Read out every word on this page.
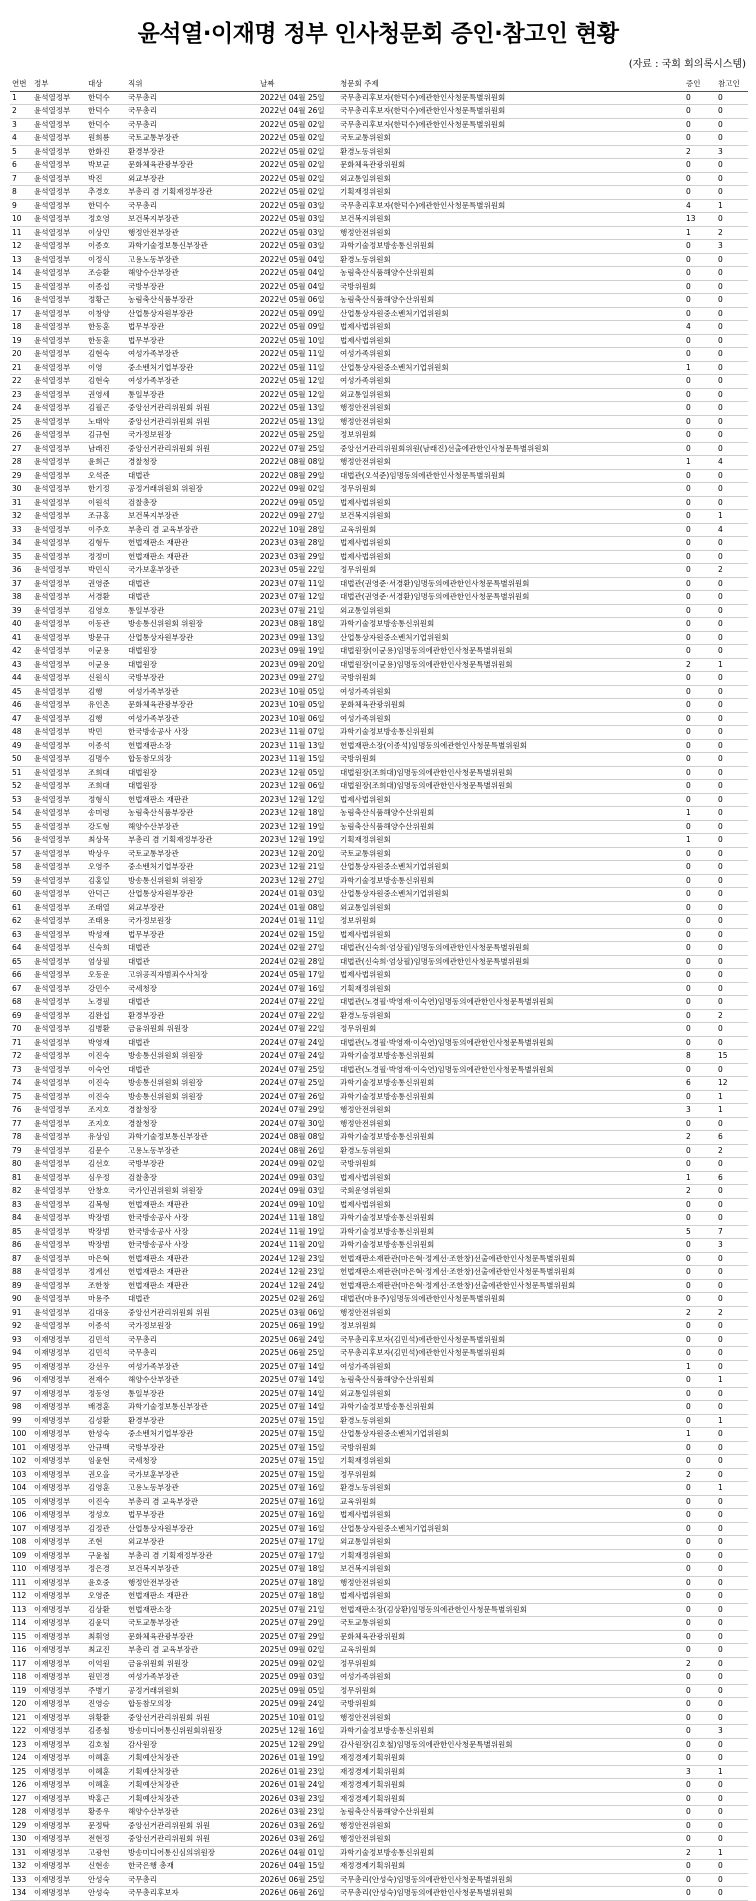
윤석열·이재명 정부 인사청문회 증인·참고인 현황
(자료 : 국회 회의록시스템)
연번	정부	대상	직위	날짜	청문회 주제	증인	참고인
1	윤석열정부	한덕수	국무총리	2022년 04월 25일	국무총리후보자(한덕수)에관한인사청문특별위원회	0	0
2	윤석열정부	한덕수	국무총리	2022년 04월 26일	국무총리후보자(한덕수)에관한인사청문특별위원회	0	0
3	윤석열정부	한덕수	국무총리	2022년 05월 02일	국무총리후보자(한덕수)에관한인사청문특별위원회	0	0
4	윤석열정부	원희룡	국토교통부장관	2022년 05월 02일	국토교통위원회	0	0
5	윤석열정부	한화진	환경부장관	2022년 05월 02일	환경노동위원회	2	3
6	윤석열정부	박보균	문화체육관광부장관	2022년 05월 02일	문화체육관광위원회	0	0
7	윤석열정부	박진	외교부장관	2022년 05월 02일	외교통일위원회	0	0
8	윤석열정부	추경호	부총리 겸 기획재정부장관	2022년 05월 02일	기획재정위원회	0	0
9	윤석열정부	한덕수	국무총리	2022년 05월 03일	국무총리후보자(한덕수)에관한인사청문특별위원회	4	1
10	윤석열정부	정호영	보건복지부장관	2022년 05월 03일	보건복지위원회	13	0
11	윤석열정부	이상민	행정안전부장관	2022년 05월 03일	행정안전위원회	1	2
12	윤석열정부	이종호	과학기술정보통신부장관	2022년 05월 03일	과학기술정보방송통신위원회	0	3
13	윤석열정부	이정식	고용노동부장관	2022년 05월 04일	환경노동위원회	0	0
14	윤석열정부	조승환	해양수산부장관	2022년 05월 04일	농림축산식품해양수산위원회	0	0
15	윤석열정부	이종섭	국방부장관	2022년 05월 04일	국방위원회	0	0
16	윤석열정부	정황근	농림축산식품부장관	2022년 05월 06일	농림축산식품해양수산위원회	0	0
17	윤석열정부	이창양	산업통상자원부장관	2022년 05월 09일	산업통상자원중소벤처기업위원회	0	0
18	윤석열정부	한동훈	법무부장관	2022년 05월 09일	법제사법위원회	4	0
19	윤석열정부	한동훈	법무부장관	2022년 05월 10일	법제사법위원회	0	0
20	윤석열정부	김현숙	여성가족부장관	2022년 05월 11일	여성가족위원회	0	0
21	윤석열정부	이영	중소벤처기업부장관	2022년 05월 11일	산업통상자원중소벤처기업위원회	1	0
22	윤석열정부	김현숙	여성가족부장관	2022년 05월 12일	여성가족위원회	0	0
23	윤석열정부	권영세	통일부장관	2022년 05월 12일	외교통일위원회	0	0
24	윤석열정부	김필곤	중앙선거관리위원회 위원	2022년 05월 13일	행정안전위원회	0	0
25	윤석열정부	노태악	중앙선거관리위원회 위원	2022년 05월 13일	행정안전위원회	0	0
26	윤석열정부	김규현	국가정보원장	2022년 05월 25일	정보위원회	0	0
27	윤석열정부	남래진	중앙선거관리위원회 위원	2022년 07월 25일	중앙선거관리위원회위원(남래진)선출에관한인사청문특별위원회	0	0
28	윤석열정부	윤희근	경찰청장	2022년 08월 08일	행정안전위원회	1	4
29	윤석열정부	오석준	대법관	2022년 08월 29일	대법관(오석준)임명동의에관한인사청문특별위원회	0	0
30	윤석열정부	한기정	공정거래위원회 위원장	2022년 09월 02일	정무위원회	0	0
31	윤석열정부	이원석	검찰총장	2022년 09월 05일	법제사법위원회	0	0
32	윤석열정부	조규홍	보건복지부장관	2022년 09월 27일	보건복지위원회	0	1
33	윤석열정부	이주호	부총리 겸 교육부장관	2022년 10월 28일	교육위원회	0	4
34	윤석열정부	김형두	헌법재판소 재판관	2023년 03월 28일	법제사법위원회	0	0
35	윤석열정부	정정미	헌법재판소 재판관	2023년 03월 29일	법제사법위원회	0	0
36	윤석열정부	박민식	국가보훈부장관	2023년 05월 22일	정무위원회	0	2
37	윤석열정부	권영준	대법관	2023년 07월 11일	대법관(권영준·서경환)임명동의에관한인사청문특별위원회	0	0
38	윤석열정부	서경환	대법관	2023년 07월 12일	대법관(권영준·서경환)임명동의에관한인사청문특별위원회	0	0
39	윤석열정부	김영호	통일부장관	2023년 07월 21일	외교통일위원회	0	0
40	윤석열정부	이동관	방송통신위원회 위원장	2023년 08월 18일	과학기술정보방송통신위원회	0	0
41	윤석열정부	방문규	산업통상자원부장관	2023년 09월 13일	산업통상자원중소벤처기업위원회	0	0
42	윤석열정부	이균용	대법원장	2023년 09월 19일	대법원장(이균용)임명동의에관한인사청문특별위원회	0	0
43	윤석열정부	이균용	대법원장	2023년 09월 20일	대법원장(이균용)임명동의에관한인사청문특별위원회	2	1
44	윤석열정부	신원식	국방부장관	2023년 09월 27일	국방위원회	0	0
45	윤석열정부	김행	여성가족부장관	2023년 10월 05일	여성가족위원회	0	0
46	윤석열정부	유인촌	문화체육관광부장관	2023년 10월 05일	문화체육관광위원회	0	0
47	윤석열정부	김행	여성가족부장관	2023년 10월 06일	여성가족위원회	0	0
48	윤석열정부	박민	한국방송공사 사장	2023년 11월 07일	과학기술정보방송통신위원회	0	0
49	윤석열정부	이종석	헌법재판소장	2023년 11월 13일	헌법재판소장(이종석)임명동의에관한인사청문특별위원회	0	0
50	윤석열정부	김명수	합동참모의장	2023년 11월 15일	국방위원회	0	0
51	윤석열정부	조희대	대법원장	2023년 12월 05일	대법원장(조희대)임명동의에관한인사청문특별위원회	0	0
52	윤석열정부	조희대	대법원장	2023년 12월 06일	대법원장(조희대)임명동의에관한인사청문특별위원회	0	0
53	윤석열정부	정형식	헌법재판소 재판관	2023년 12월 12일	법제사법위원회	0	0
54	윤석열정부	송미령	농림축산식품부장관	2023년 12월 18일	농림축산식품해양수산위원회	1	0
55	윤석열정부	강도형	해양수산부장관	2023년 12월 19일	농림축산식품해양수산위원회	0	0
56	윤석열정부	최상목	부총리 겸 기획재정부장관	2023년 12월 19일	기획재정위원회	1	0
57	윤석열정부	박상우	국토교통부장관	2023년 12월 20일	국토교통위원회	0	0
58	윤석열정부	오영주	중소벤처기업부장관	2023년 12월 21일	산업통상자원중소벤처기업위원회	0	0
59	윤석열정부	김홍일	방송통신위원회 위원장	2023년 12월 27일	과학기술정보방송통신위원회	0	0
60	윤석열정부	안덕근	산업통상자원부장관	2024년 01월 03일	산업통상자원중소벤처기업위원회	0	0
61	윤석열정부	조태열	외교부장관	2024년 01월 08일	외교통일위원회	0	0
62	윤석열정부	조태용	국가정보원장	2024년 01월 11일	정보위원회	0	0
63	윤석열정부	박성재	법무부장관	2024년 02월 15일	법제사법위원회	0	0
64	윤석열정부	신숙희	대법관	2024년 02월 27일	대법관(신숙희·엄상필)임명동의에관한인사청문특별위원회	0	0
65	윤석열정부	엄상필	대법관	2024년 02월 28일	대법관(신숙희·엄상필)임명동의에관한인사청문특별위원회	0	0
66	윤석열정부	오동운	고위공직자범죄수사처장	2024년 05월 17일	법제사법위원회	0	0
67	윤석열정부	강민수	국세청장	2024년 07월 16일	기획재정위원회	0	0
68	윤석열정부	노경필	대법관	2024년 07월 22일	대법관(노경필·박영재·이숙연)임명동의에관한인사청문특별위원회	0	0
69	윤석열정부	김완섭	환경부장관	2024년 07월 22일	환경노동위원회	0	2
70	윤석열정부	김병환	금융위원회 위원장	2024년 07월 22일	정무위원회	0	0
71	윤석열정부	박영재	대법관	2024년 07월 24일	대법관(노경필·박영재·이숙연)임명동의에관한인사청문특별위원회	0	0
72	윤석열정부	이진숙	방송통신위원회 위원장	2024년 07월 24일	과학기술정보방송통신위원회	8	15
73	윤석열정부	이숙연	대법관	2024년 07월 25일	대법관(노경필·박영재·이숙연)임명동의에관한인사청문특별위원회	0	0
74	윤석열정부	이진숙	방송통신위원회 위원장	2024년 07월 25일	과학기술정보방송통신위원회	6	12
75	윤석열정부	이진숙	방송통신위원회 위원장	2024년 07월 26일	과학기술정보방송통신위원회	0	1
76	윤석열정부	조지호	경찰청장	2024년 07월 29일	행정안전위원회	3	1
77	윤석열정부	조지호	경찰청장	2024년 07월 30일	행정안전위원회	0	0
78	윤석열정부	유상임	과학기술정보통신부장관	2024년 08월 08일	과학기술정보방송통신위원회	2	6
79	윤석열정부	김문수	고용노동부장관	2024년 08월 26일	환경노동위원회	0	2
80	윤석열정부	김선호	국방부장관	2024년 09월 02일	국방위원회	0	0
81	윤석열정부	심우정	검찰총장	2024년 09월 03일	법제사법위원회	1	6
82	윤석열정부	안창호	국가인권위원회 위원장	2024년 09월 03일	국회운영위원회	2	0
83	윤석열정부	김복형	헌법재판소 재판관	2024년 09월 10일	법제사법위원회	0	0
84	윤석열정부	박장범	한국방송공사 사장	2024년 11월 18일	과학기술정보방송통신위원회	0	0
85	윤석열정부	박장범	한국방송공사 사장	2024년 11월 19일	과학기술정보방송통신위원회	5	7
86	윤석열정부	박장범	한국방송공사 사장	2024년 11월 20일	과학기술정보방송통신위원회	0	3
87	윤석열정부	마은혁	헌법재판소 재판관	2024년 12월 23일	헌법재판소재판관(마은혁·정계선·조한창)선출에관한인사청문특별위원회	0	0
88	윤석열정부	정계선	헌법재판소 재판관	2024년 12월 23일	헌법재판소재판관(마은혁·정계선·조한창)선출에관한인사청문특별위원회	0	0
89	윤석열정부	조한창	헌법재판소 재판관	2024년 12월 24일	헌법재판소재판관(마은혁·정계선·조한창)선출에관한인사청문특별위원회	0	0
90	윤석열정부	마용주	대법관	2025년 02월 26일	대법관(마용주)임명동의에관한인사청문특별위원회	0	0
91	윤석열정부	김대웅	중앙선거관리위원회 위원	2025년 03월 06일	행정안전위원회	2	2
92	윤석열정부	이종석	국가정보원장	2025년 06월 19일	정보위원회	0	0
93	이재명정부	김민석	국무총리	2025년 06월 24일	국무총리후보자(김민석)에관한인사청문특별위원회	0	0
94	이재명정부	김민석	국무총리	2025년 06월 25일	국무총리후보자(김민석)에관한인사청문특별위원회	0	0
95	이재명정부	강선우	여성가족부장관	2025년 07월 14일	여성가족위원회	1	0
96	이재명정부	전재수	해양수산부장관	2025년 07월 14일	농림축산식품해양수산위원회	0	1
97	이재명정부	정동영	통일부장관	2025년 07월 14일	외교통일위원회	0	0
98	이재명정부	배경훈	과학기술정보통신부장관	2025년 07월 14일	과학기술정보방송통신위원회	0	0
99	이재명정부	김성환	환경부장관	2025년 07월 15일	환경노동위원회	0	1
100	이재명정부	한성숙	중소벤처기업부장관	2025년 07월 15일	산업통상자원중소벤처기업위원회	1	0
101	이재명정부	안규백	국방부장관	2025년 07월 15일	국방위원회	0	0
102	이재명정부	임윤현	국세청장	2025년 07월 15일	기획재정위원회	0	0
103	이재명정부	권오을	국가보훈부장관	2025년 07월 15일	정무위원회	2	0
104	이재명정부	김영훈	고용노동부장관	2025년 07월 16일	환경노동위원회	0	1
105	이재명정부	이진숙	부총리 겸 교육부장관	2025년 07월 16일	교육위원회	0	0
106	이재명정부	정성호	법무부장관	2025년 07월 16일	법제사법위원회	0	0
107	이재명정부	김정관	산업통상자원부장관	2025년 07월 16일	산업통상자원중소벤처기업위원회	0	0
108	이재명정부	조현	외교부장관	2025년 07월 17일	외교통일위원회	0	0
109	이재명정부	구윤철	부총리 겸 기획재정부장관	2025년 07월 17일	기획재정위원회	0	0
110	이재명정부	정은경	보건복지부장관	2025년 07월 18일	보건복지위원회	0	0
111	이재명정부	윤호중	행정안전부장관	2025년 07월 18일	행정안전위원회	0	0
112	이재명정부	오영준	헌법재판소 재판관	2025년 07월 18일	법제사법위원회	0	0
113	이재명정부	김상환	헌법재판소장	2025년 07월 21일	헌법재판소장(김상환)임명동의에관한인사청문특별위원회	0	0
114	이재명정부	김윤덕	국토교통부장관	2025년 07월 29일	국토교통위원회	0	0
115	이재명정부	최휘영	문화체육관광부장관	2025년 07월 29일	문화체육관광위원회	0	0
116	이재명정부	최교진	부총리 겸 교육부장관	2025년 09월 02일	교육위원회	0	0
117	이재명정부	이억원	금융위원회 위원장	2025년 09월 02일	정무위원회	2	0
118	이재명정부	원민경	여성가족부장관	2025년 09월 03일	여성가족위원회	0	0
119	이재명정부	주병기	공정거래위원회	2025년 09월 05일	정무위원회	0	0
120	이재명정부	진영승	합동참모의장	2025년 09월 24일	국방위원회	0	0
121	이재명정부	위황환	중앙선거관리위원회 위원	2025년 10월 01일	행정안전위원회	0	0
122	이재명정부	김종철	방송미디어통신위원회위원장	2025년 12월 16일	과학기술정보방송통신위원회	0	3
123	이재명정부	김호철	감사원장	2025년 12월 29일	감사원장(김호철)임명동의에관한인사청문특별위원회	0	0
124	이재명정부	이혜훈	기획예산처장관	2026년 01월 19일	재정경제기획위원회	0	0
125	이재명정부	이혜훈	기획예산처장관	2026년 01월 23일	재정경제기획위원회	3	1
126	이재명정부	이혜훈	기획예산처장관	2026년 01월 24일	재정경제기획위원회	0	0
127	이재명정부	박홍근	기획예산처장관	2026년 03월 23일	재정경제기획위원회	0	0
128	이재명정부	황종우	해양수산부장관	2026년 03월 23일	농림축산식품해양수산위원회	0	0
129	이재명정부	문정탁	중앙선거관리위원회 위원	2026년 03월 26일	행정안전위원회	0	0
130	이재명정부	전현정	중앙선거관리위원회 위원	2026년 03월 26일	행정안전위원회	0	0
131	이재명정부	고광헌	방송미디어통신심의위원장	2026년 04월 01일	과학기술정보방송통신위원회	2	1
132	이재명정부	신현송	한국은행 총재	2026년 04월 15일	재정경제기획위원회	0	0
133	이재명정부	안성숙	국무총리	2026년 06월 25일	국무총리(안성숙)임명동의에관한인사청문특별위원회	0	0
134	이재명정부	안성숙	국무총리후보자	2026년 06월 26일	국무총리(안성숙)임명동의에관한인사청문특별위원회	0	0
